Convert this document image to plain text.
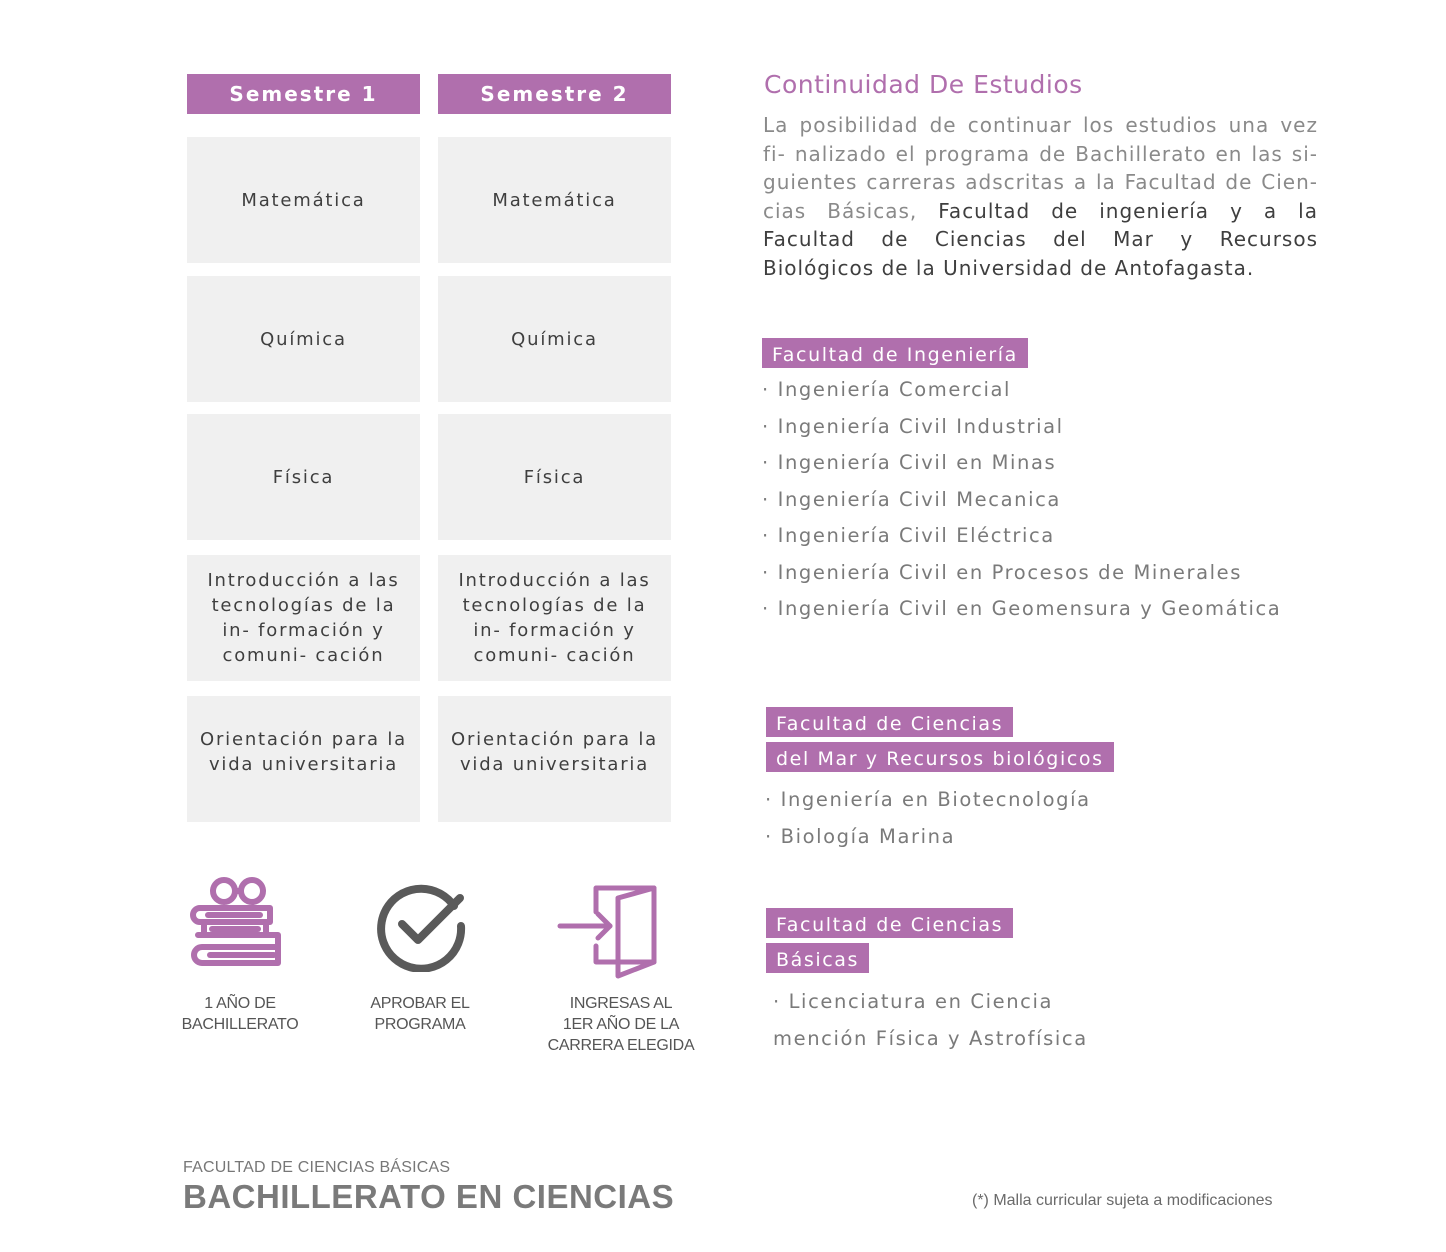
Semestre 1	Semestre 2
Matemática
Química
Física
Introducción a las tecnologías de la in- formación y comuni- cación
Orientación para la vida universitaria
Matemática
Química
Física
Introducción a las tecnologías de la in- formación y comuni- cación
Orientación para la vida universitaria
1 AÑO DE
BACHILLERATO
APROBAR EL
PROGRAMA
INGRESAS AL
1ER AÑO DE LA
CARRERA ELEGIDA
Continuidad De Estudios
La posibilidad de continuar los estudios una vez fi- nalizado el programa de Bachillerato en las si- guientes carreras adscritas a la Facultad de Cien- cias Básicas, Facultad de ingeniería y a la Facultad de Ciencias del Mar y Recursos Biológicos de la Universidad de Antofagasta.
Facultad de Ingeniería
· Ingeniería Comercial
· Ingeniería Civil Industrial
· Ingeniería Civil en Minas
· Ingeniería Civil Mecanica
· Ingeniería Civil Eléctrica
· Ingeniería Civil en Procesos de Minerales
· Ingeniería Civil en Geomensura y Geomática
Facultad de Ciencias
del Mar y Recursos biológicos
· Ingeniería en Biotecnología
· Biología Marina
Facultad de Ciencias
Básicas
· Licenciatura en Ciencia
mención Física y Astrofísica
FACULTAD DE CIENCIAS BÁSICAS
BACHILLERATO EN CIENCIAS	(*) Malla curricular sujeta a modificaciones
